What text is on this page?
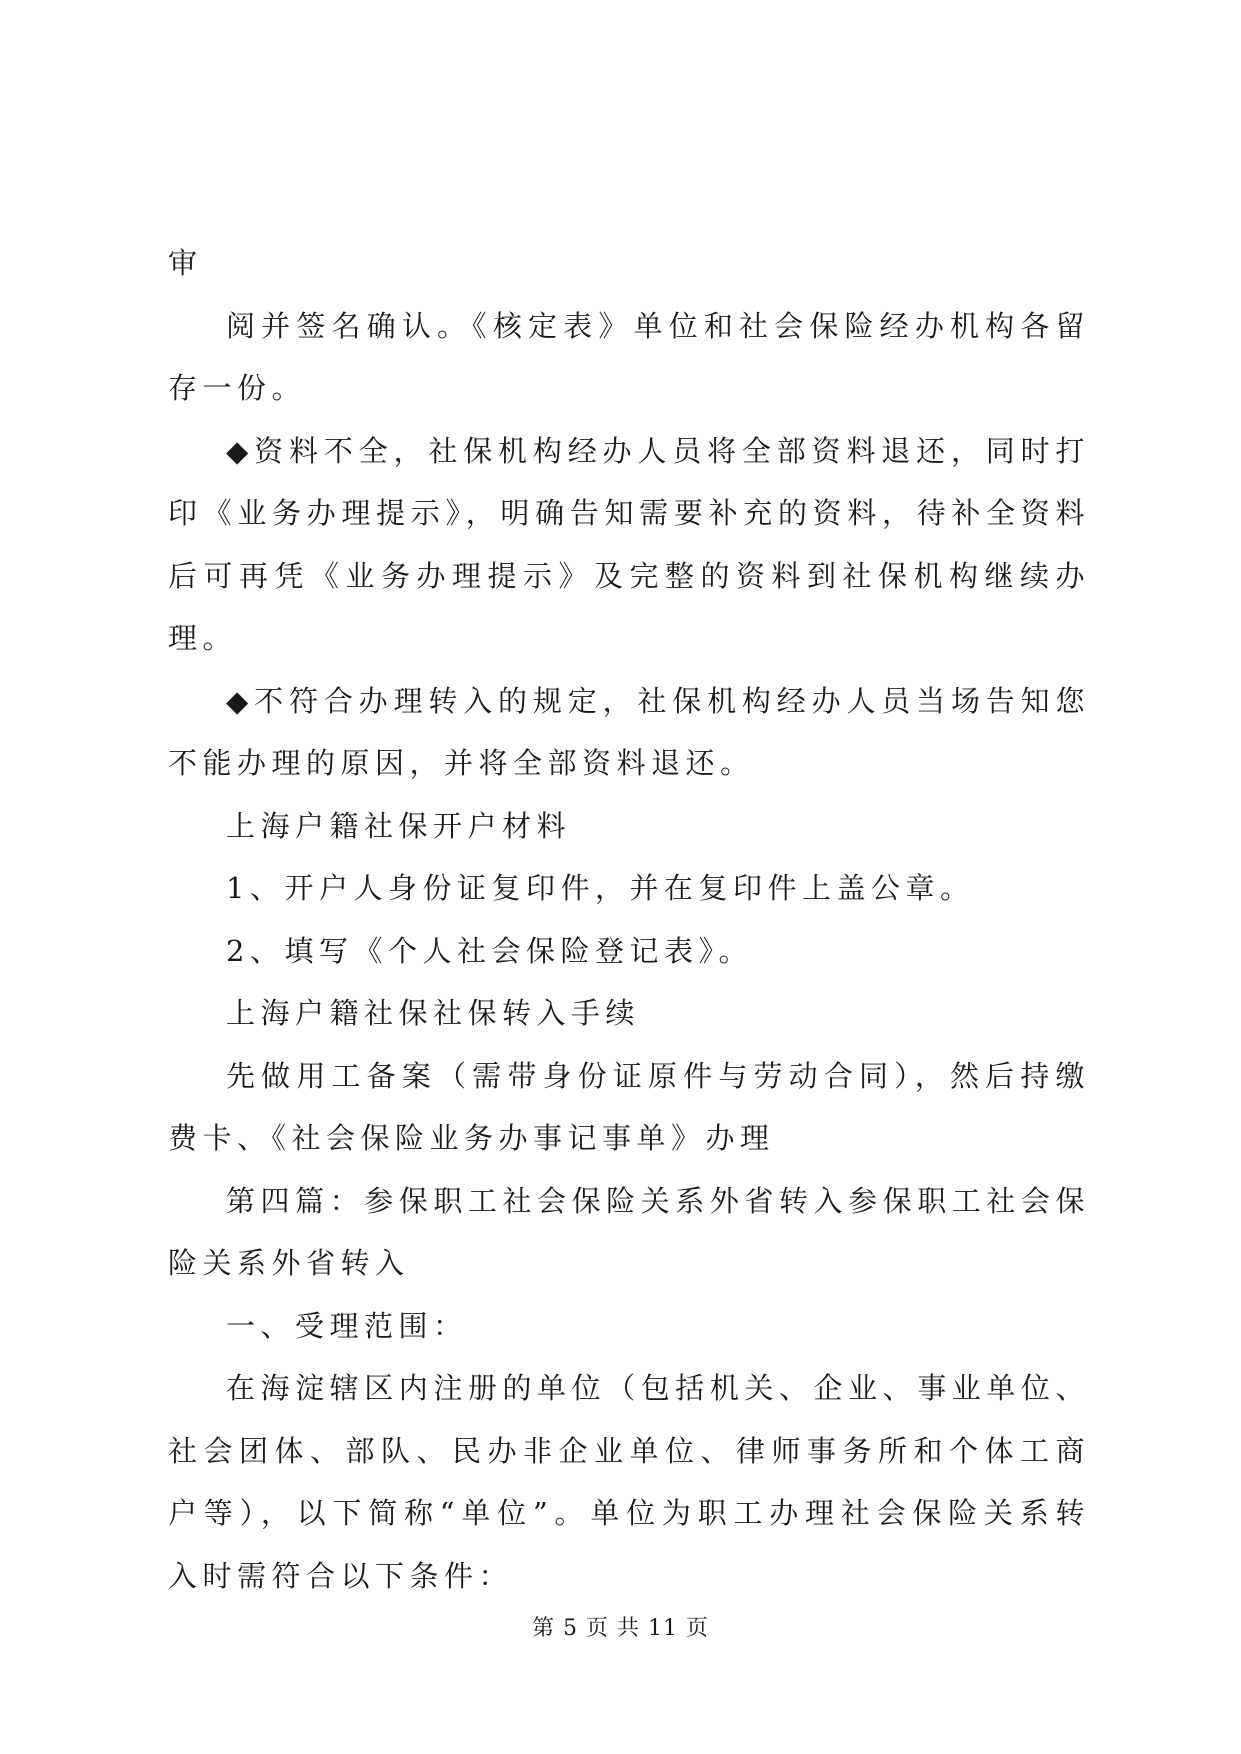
审

阅并签名确认。《核定表》单位和社会保险经办机构各留存一份。

◆资料不全，社保机构经办人员将全部资料退还，同时打印《业务办理提示》，明确告知需要补充的资料，待补全资料后可再凭《业务办理提示》及完整的资料到社保机构继续办理。

◆不符合办理转入的规定，社保机构经办人员当场告知您不能办理的原因，并将全部资料退还。

上海户籍社保开户材料

1、开户人身份证复印件，并在复印件上盖公章。

2、填写《个人社会保险登记表》。

上海户籍社保社保转入手续

先做用工备案（需带身份证原件与劳动合同），然后持缴费卡、《社会保险业务办事记事单》办理

第四篇：参保职工社会保险关系外省转入参保职工社会保险关系外省转入

一、受理范围：

在海淀辖区内注册的单位（包括机关、企业、事业单位、社会团体、部队、民办非企业单位、律师事务所和个体工商户等），以下简称“单位”。单位为职工办理社会保险关系转入时需符合以下条件：

第 5 页 共 11 页
